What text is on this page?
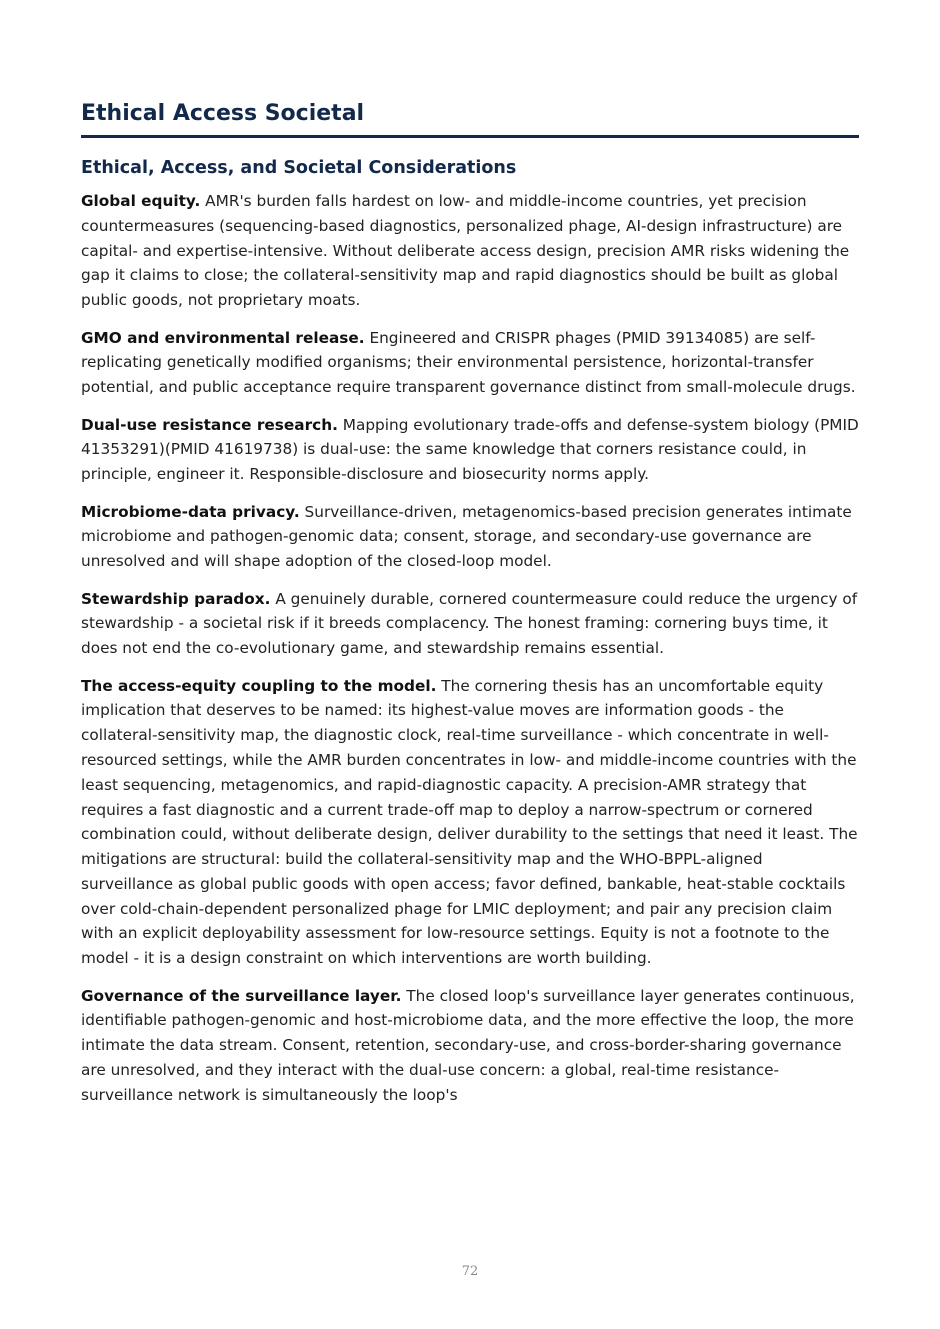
Ethical Access Societal
Ethical, Access, and Societal Considerations

Global equity. AMR's burden falls hardest on low- and middle-income countries, yet precision countermeasures (sequencing-based diagnostics, personalized phage, AI-design infrastructure) are capital- and expertise-intensive. Without deliberate access design, precision AMR risks widening the gap it claims to close; the collateral-sensitivity map and rapid diagnostics should be built as global public goods, not proprietary moats.

GMO and environmental release. Engineered and CRISPR phages (PMID 39134085) are self-replicating genetically modified organisms; their environmental persistence, horizontal-transfer potential, and public acceptance require transparent governance distinct from small-molecule drugs.

Dual-use resistance research. Mapping evolutionary trade-offs and defense-system biology (PMID 41353291)(PMID 41619738) is dual-use: the same knowledge that corners resistance could, in principle, engineer it. Responsible-disclosure and biosecurity norms apply.

Microbiome-data privacy. Surveillance-driven, metagenomics-based precision generates intimate microbiome and pathogen-genomic data; consent, storage, and secondary-use governance are unresolved and will shape adoption of the closed-loop model.

Stewardship paradox. A genuinely durable, cornered countermeasure could reduce the urgency of stewardship - a societal risk if it breeds complacency. The honest framing: cornering buys time, it does not end the co-evolutionary game, and stewardship remains essential.

The access-equity coupling to the model. The cornering thesis has an uncomfortable equity implication that deserves to be named: its highest-value moves are information goods - the collateral-sensitivity map, the diagnostic clock, real-time surveillance - which concentrate in well-resourced settings, while the AMR burden concentrates in low- and middle-income countries with the least sequencing, metagenomics, and rapid-diagnostic capacity. A precision-AMR strategy that requires a fast diagnostic and a current trade-off map to deploy a narrow-spectrum or cornered combination could, without deliberate design, deliver durability to the settings that need it least. The mitigations are structural: build the collateral-sensitivity map and the WHO-BPPL-aligned surveillance as global public goods with open access; favor defined, bankable, heat-stable cocktails over cold-chain-dependent personalized phage for LMIC deployment; and pair any precision claim with an explicit deployability assessment for low-resource settings. Equity is not a footnote to the model - it is a design constraint on which interventions are worth building.

Governance of the surveillance layer. The closed loop's surveillance layer generates continuous, identifiable pathogen-genomic and host-microbiome data, and the more effective the loop, the more intimate the data stream. Consent, retention, secondary-use, and cross-border-sharing governance are unresolved, and they interact with the dual-use concern: a global, real-time resistance-surveillance network is simultaneously the loop's

72
